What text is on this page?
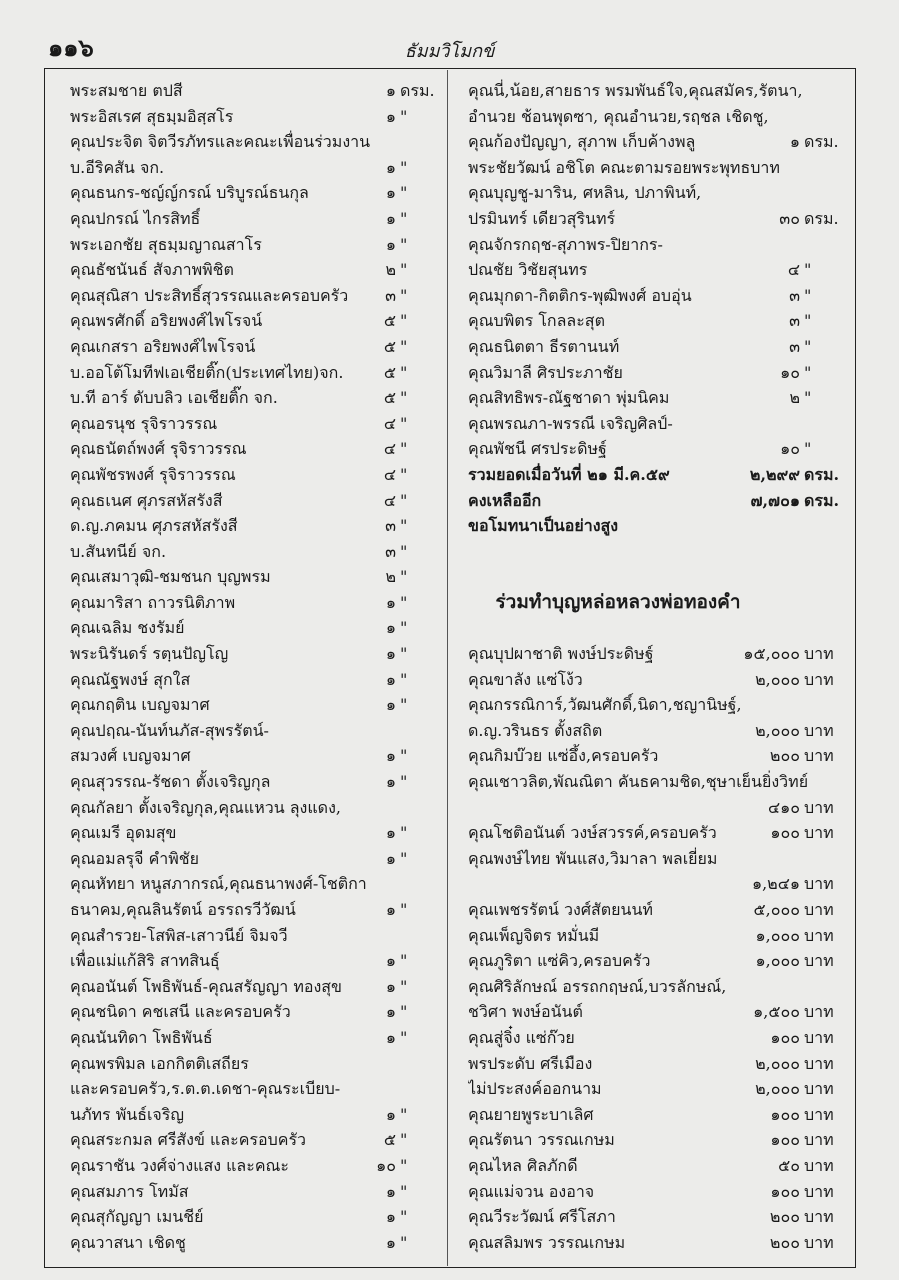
๑๑๖	ธัมมวิโมกข์
พระสมชาย ตปสี	๑ ดรม.
พระอิสเรศ สุธมฺมอิสฺสโร	๑ "
คุณประจิต จิตวีรภัทรและคณะเพื่อนร่วมงาน
บ.อีริคสัน จก.	๑ "
คุณธนกร-ชญ์ญ์กรณ์ บริบูรณ์ธนกุล	๑ "
คุณปกรณ์ ไกรสิทธิ์	๑ "
พระเอกชัย สุธมฺมญาณสาโร	๑ "
คุณธัชนันธ์ สัจภาพพิชิต	๒ "
คุณสุณิสา ประสิทธิ์สุวรรณและครอบครัว	๓ "
คุณพรศักดิ์ อริยพงศ์ไพโรจน์	๕ "
คุณเกสรา อริยพงศ์ไพโรจน์	๕ "
บ.ออโต้โมทีฟเอเชียติ๊ก(ประเทศไทย)จก.	๕ "
บ.ที อาร์ ดับบลิว เอเชียติ๊ก จก.	๕ "
คุณอรนุช รุจิราวรรณ	๔ "
คุณธนัตถ์พงศ์ รุจิราวรรณ	๔ "
คุณพัชรพงศ์ รุจิราวรรณ	๔ "
คุณธเนศ ศุภรสหัสรังสี	๔ "
ด.ญ.ภคมน ศุภรสหัสรังสี	๓ "
บ.สันทนีย์ จก.	๓ "
คุณเสมาวุฒิ-ชมชนก บุญพรม	๒ "
คุณมาริสา ถาวรนิติภาพ	๑ "
คุณเฉลิม ชงรัมย์	๑ "
พระนิรันดร์ รตฺนปัญโญ	๑ "
คุณณัฐพงษ์ สุกใส	๑ "
คุณกฤติน เบญจมาศ	๑ "
คุณปฤณ-นันท์นภัส-สุพรรัตน์-
สมวงศ์ เบญจมาศ	๑ "
คุณสุวรรณ-รัชดา ตั้งเจริญกุล	๑ "
คุณกัลยา ตั้งเจริญกุล,คุณแหวน ลุงแดง,
คุณเมรี อุดมสุข	๑ "
คุณอมลรุจี คำพิชัย	๑ "
คุณหัทยา หนูสภากรณ์,คุณธนาพงศ์-โชติกา
ธนาคม,คุณลินรัตน์ อรรถรวีวัฒน์	๑ "
คุณสำรวย-โสพิส-เสาวนีย์ จิมจวี
เพื่อแม่แก้สิริ สาทสินธุ์	๑ "
คุณอนันต์ โพธิพันธ์-คุณสรัญญา ทองสุข	๑ "
คุณชนิดา คชเสนี และครอบครัว	๑ "
คุณนันทิดา โพธิพันธ์	๑ "
คุณพรพิมล เอกกิตติเสถียร
และครอบครัว,ร.ต.ต.เดชา-คุณระเบียบ-
นภัทร พันธ์เจริญ	๑ "
คุณสระกมล ศรีสังข์ และครอบครัว	๕ "
คุณราชัน วงศ์จ่างแสง และคณะ	๑๐ "
คุณสมภาร โทมัส	๑ "
คุณสุกัญญา เมนชีย์	๑ "
คุณวาสนา เชิดชู	๑ "
คุณนี่,น้อย,สายธาร พรมพันธ์ใจ,คุณสมัคร,รัตนา,
อำนวย ช้อนพุดซา, คุณอำนวย,รฤชล เชิดชู,
คุณก้องปัญญา, สุภาพ เก็บค้างพลู	๑ ดรม.
พระชัยวัฒน์ อชิโต คณะตามรอยพระพุทธบาท
คุณบุญชู-มาริน, ศหลิน, ปภาพินท์,
ปรมินทร์ เดียวสุรินทร์	๓๐ ดรม.
คุณจักรกฤช-สุภาพร-ปิยากร-
ปณชัย วิชัยสุนทร	๔ "
คุณมุกดา-กิตติกร-พุฒิพงศ์ อบอุ่น	๓ "
คุณบพิตร โกลละสุต	๓ "
คุณธนิตตา ธีรตานนท์	๓ "
คุณวิมาลี ศิรประภาชัย	๑๐ "
คุณสิทธิพร-ณัฐชาดา พุ่มนิคม	๒ "
คุณพรณภา-พรรณี เจริญศิลป์-
คุณพัชนี ศรประดิษฐ์	๑๐ "
รวมยอดเมื่อวันที่ ๒๑ มี.ค.๕๙	๒,๒๙๙ ดรม.
คงเหลืออีก	๗,๗๐๑ ดรม.
ขอโมทนาเป็นอย่างสูง
ร่วมทำบุญหล่อหลวงพ่อทองคำ
คุณบุปผาชาติ พงษ์ประดิษฐ์	๑๕,๐๐๐ บาท
คุณขาลัง แซ่โง้ว	๒,๐๐๐ บาท
คุณกรรณิการ์,วัฒนศักดิ์,นิดา,ชญานิษฐ์,
ด.ญ.วรินธร ตั้งสถิต	๒,๐๐๐ บาท
คุณกิมบ๊วย แซ่อึ้ง,ครอบครัว	๒๐๐ บาท
คุณเชาวลิต,พัณณิตา คันธคามชิด,ชุษาเย็นยิ่งวิทย์
๔๑๐ บาท
คุณโชติอนันต์ วงษ์สวรรค์,ครอบครัว	๑๐๐ บาท
คุณพงษ์ไทย พันแสง,วิมาลา พลเยี่ยม
๑,๒๔๑ บาท
คุณเพชรรัตน์ วงศ์สัตยนนท์	๕,๐๐๐ บาท
คุณเพ็ญจิตร หมั่นมี	๑,๐๐๐ บาท
คุณภูริตา แซ่คิว,ครอบครัว	๑,๐๐๐ บาท
คุณศิริลักษณ์ อรรถกฤษณ์,บวรลักษณ์,
ชวิศา พงษ์อนันต์	๑,๕๐๐ บาท
คุณสู่จิ๋ง แซ่ก๊วย	๑๐๐ บาท
พรประดับ ศรีเมือง	๒,๐๐๐ บาท
ไม่ประสงค์ออกนาม	๒,๐๐๐ บาท
คุณยายพูระบาเลิศ	๑๐๐ บาท
คุณรัตนา วรรณเกษม	๑๐๐ บาท
คุณไหล ศิลภักดี	๕๐ บาท
คุณแม่จวน องอาจ	๑๐๐ บาท
คุณวีระวัฒน์ ศรีโสภา	๒๐๐ บาท
คุณสลิมพร วรรณเกษม	๒๐๐ บาท
